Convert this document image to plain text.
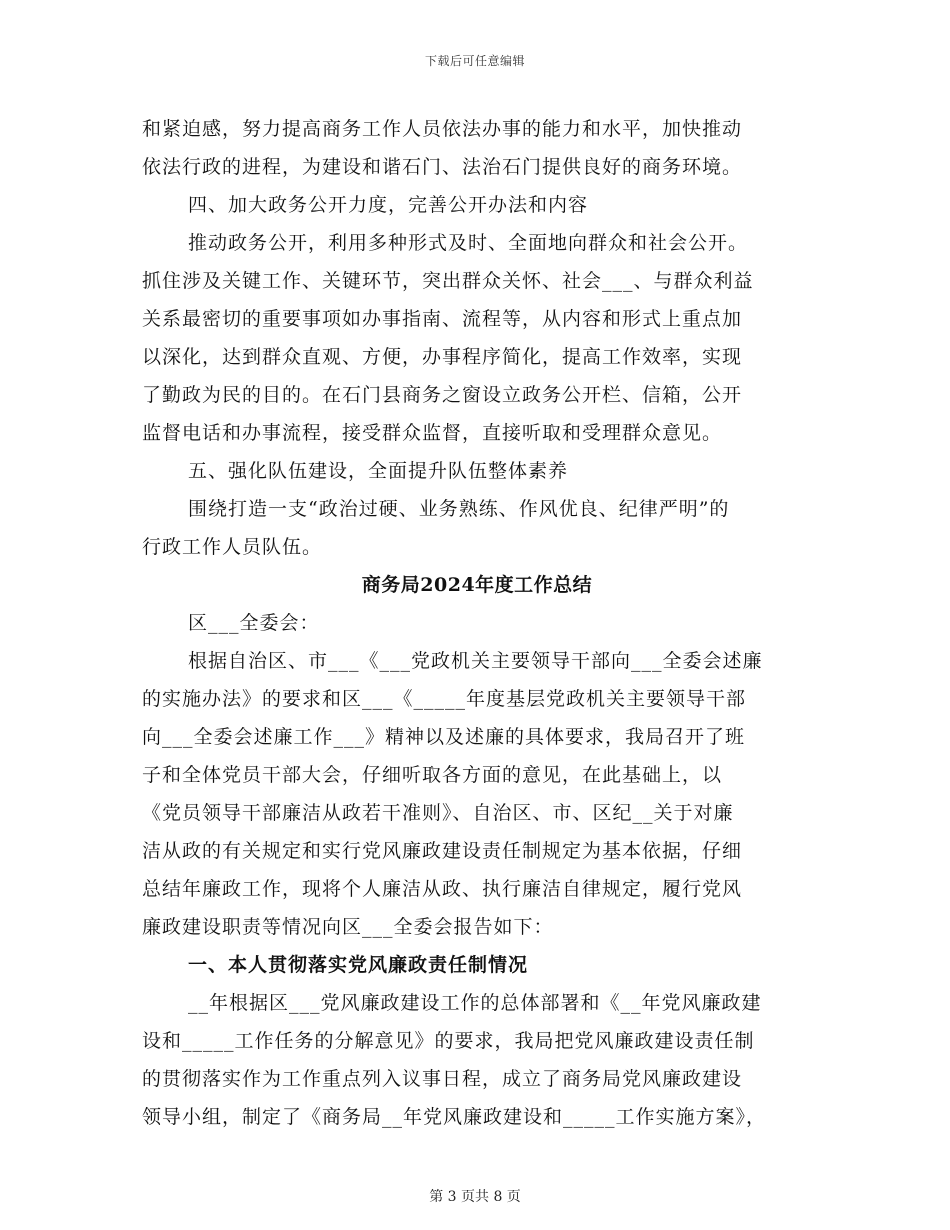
下载后可任意编辑
和紧迫感，努力提高商务工作人员依法办事的能力和水平，加快推动
依法行政的进程，为建设和谐石门、法治石门提供良好的商务环境。
四、加大政务公开力度，完善公开办法和内容
推动政务公开，利用多种形式及时、全面地向群众和社会公开。
抓住涉及关键工作、关键环节，突出群众关怀、社会___、与群众利益
关系最密切的重要事项如办事指南、流程等，从内容和形式上重点加
以深化，达到群众直观、方便，办事程序简化，提高工作效率，实现
了勤政为民的目的。在石门县商务之窗设立政务公开栏、信箱，公开
监督电话和办事流程，接受群众监督，直接听取和受理群众意见。
五、强化队伍建设，全面提升队伍整体素养
围绕打造一支“政治过硬、业务熟练、作风优良、纪律严明”的
行政工作人员队伍。
商务局2024年度工作总结
区___全委会：
根据自治区、市___《___党政机关主要领导干部向___全委会述廉
的实施办法》的要求和区___《_____年度基层党政机关主要领导干部
向___全委会述廉工作___》精神以及述廉的具体要求，我局召开了班
子和全体党员干部大会，仔细听取各方面的意见，在此基础上，以
《党员领导干部廉洁从政若干准则》、自治区、市、区纪__关于对廉
洁从政的有关规定和实行党风廉政建设责任制规定为基本依据，仔细
总结年廉政工作，现将个人廉洁从政、执行廉洁自律规定，履行党风
廉政建设职责等情况向区___全委会报告如下：
一、本人贯彻落实党风廉政责任制情况
__年根据区___党风廉政建设工作的总体部署和《__年党风廉政建
设和_____工作任务的分解意见》的要求，我局把党风廉政建设责任制
的贯彻落实作为工作重点列入议事日程，成立了商务局党风廉政建设
领导小组，制定了《商务局__年党风廉政建设和_____工作实施方案》，
第 3 页共 8 页
